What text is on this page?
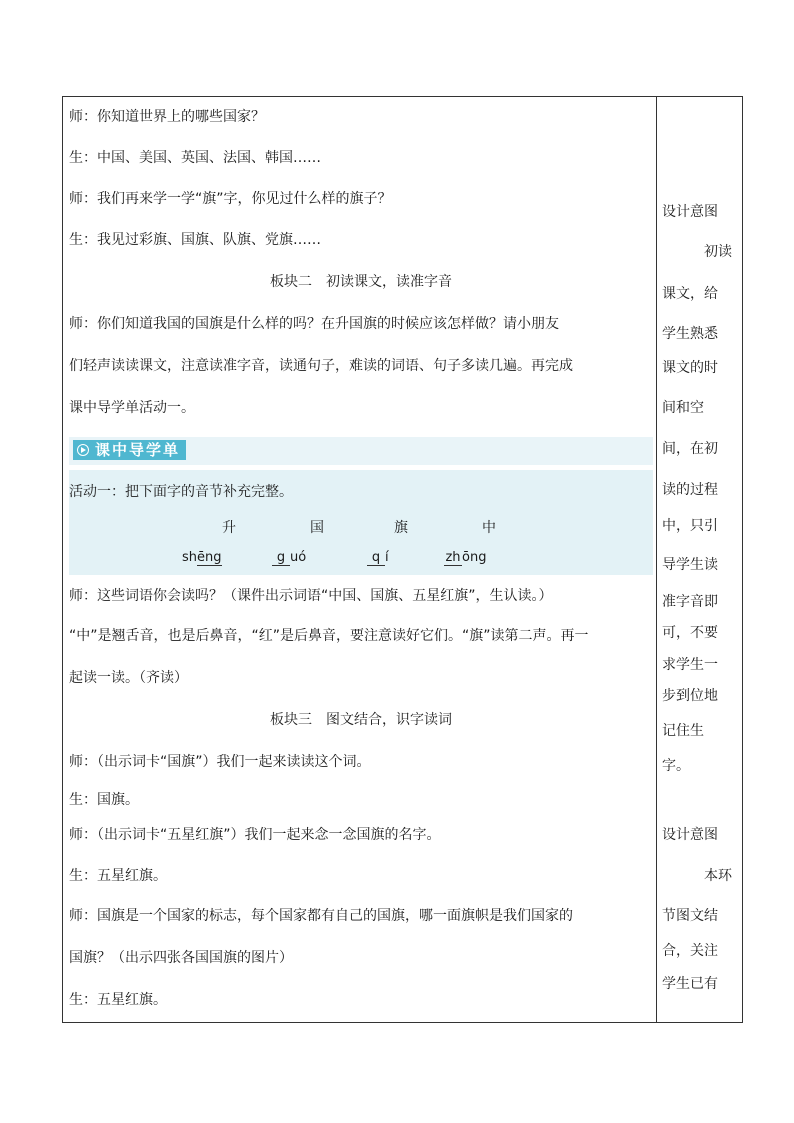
师：你知道世界上的哪些国家？
生：中国、美国、英国、法国、韩国……
师：我们再来学一学“旗”字，你见过什么样的旗子？
生：我见过彩旗、国旗、队旗、党旗……
板块二　初读课文，读准字音
师：你们知道我国的国旗是什么样的吗？在升国旗的时候应该怎样做？请小朋友
们轻声读读课文，注意读准字音，读通句子，难读的词语、句子多读几遍。再完成
课中导学单活动一。
课中导学单
活动一：把下面字的音节补充完整。
升	国	旗	中
shēng	g uó	q í	zhōng
师：这些词语你会读吗？（课件出示词语“中国、国旗、五星红旗”，生认读。）
“中”是翘舌音，也是后鼻音，“红”是后鼻音，要注意读好它们。“旗”读第二声。再一
起读一读。（齐读）
板块三　图文结合，识字读词
师：（出示词卡“国旗”）我们一起来读读这个词。
生：国旗。
师：（出示词卡“五星红旗”）我们一起来念一念国旗的名字。
生：五星红旗。
师：国旗是一个国家的标志，每个国家都有自己的国旗，哪一面旗帜是我们国家的
国旗？（出示四张各国国旗的图片）
生：五星红旗。
设计意图
初读
课文，给
学生熟悉
课文的时
间和空
间，在初
读的过程
中，只引
导学生读
准字音即
可，不要
求学生一
步到位地
记住生
字。
设计意图
本环
节图文结
合，关注
学生已有
